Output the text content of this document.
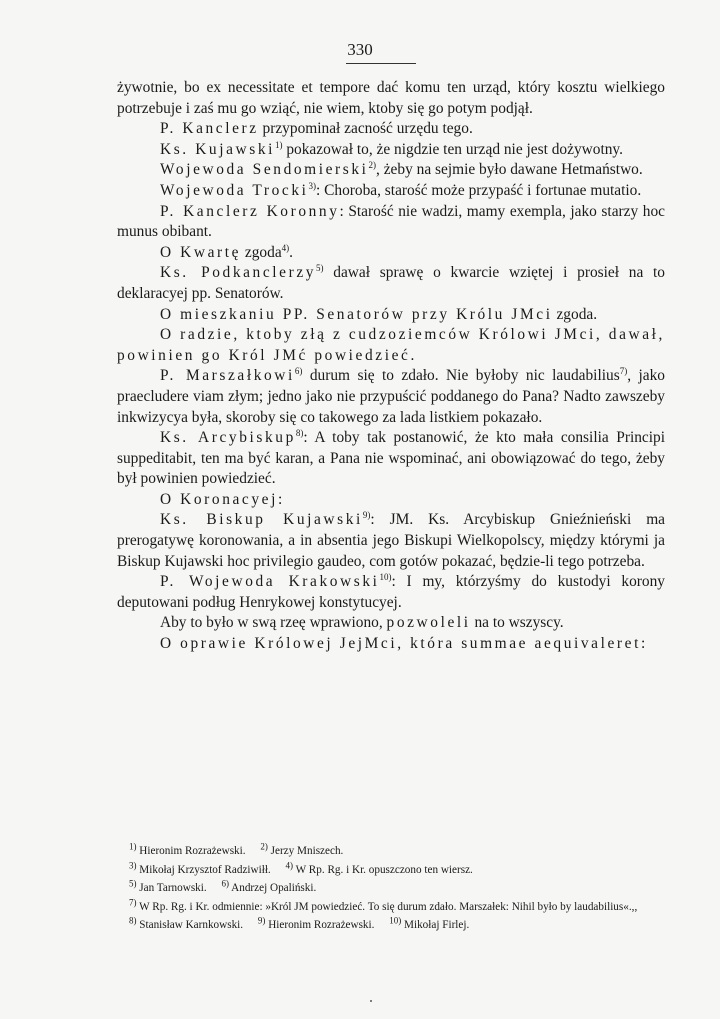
330

żywotnie, bo ex necessitate et tempore dać komu ten urząd, który kosztu wielkiego potrzebuje i zaś mu go wziąć, nie wiem, ktoby się go potym podjął.

P. Kanclerz przypominał zacność urzędu tego.

Ks. Kujawski$^{1)}$ pokazował to, że nigdzie ten urząd nie jest dożywotny.

Wojewoda Sendomierski$^{2)}$, żeby na sejmie było dawane Hetmaństwo.

Wojewoda Trocki$^{3)}$: Choroba, starość może przypaść i fortunae mutatio.

P. Kanclerz Koronny: Starość nie wadzi, mamy exempla, jako starzy hoc munus obibant.

O Kwartę zgoda$^{4)}$.

Ks. Podkanclerzy$^{5)}$ dawał sprawę o kwarcie wziętej i prosieł na to deklaracyej pp. Senatorów.

O mieszkaniu PP. Senatorów przy Królu JMci zgoda.

O radzie, ktoby złą z cudzoziemców Królowi JMci, dawał, powinien go Król JMć powiedzieć.

P. Marszałkowi$^{6)}$ durum się to zdało. Nie byłoby nic laudabilius$^{7)}$, jako praecludere viam złym; jedno jako nie przypuścić poddanego do Pana? Nadto zawszeby inkwizycya była, skoroby się co takowego za lada listkiem pokazało.

Ks. Arcybiskup$^{8)}$: A toby tak postanowić, że kto mała consilia Principi suppeditabit, ten ma być karan, a Pana nie wspominać, ani obowiązować do tego, żeby był powinien powiedzieć.

O Koronacyej:

Ks. Biskup Kujawski$^{9)}$: JM. Ks. Arcybiskup Gnieźnieński ma prerogatywę koronowania, a in absentia jego Biskupi Wielkopolscy, między którymi ja Biskup Kujawski hoc privilegio gaudeo, com gotów pokazać, będzie-li tego potrzeba.

P. Wojewoda Krakowski$^{10)}$: I my, którzyśmy do kustodyi korony deputowani podług Henrykowej konstytucyej.

Aby to było w swą rzeę wprawiono, pozwoleli na to wszyscy.

O oprawie Królowej JejMci, która summae aequivaleret:

$^{1)}$ Hieronim Rozrażewski. $^{2)}$ Jerzy Mniszech.
$^{3)}$ Mikołaj Krzysztof Radziwiłł. $^{4)}$ W Rp. Rg. i Kr. opuszczono ten wiersz.
$^{5)}$ Jan Tarnowski. $^{6)}$ Andrzej Opaliński.
$^{7)}$ W Rp. Rg. i Kr. odmiennie: »Król JM powiedzieć. To się durum zdało. Marszałek: Nihil było by laudabilius«.,,
$^{8)}$ Stanisław Karnkowski. $^{9)}$ Hieronim Rozrażewski. $^{10)}$ Mikołaj Firlej.
